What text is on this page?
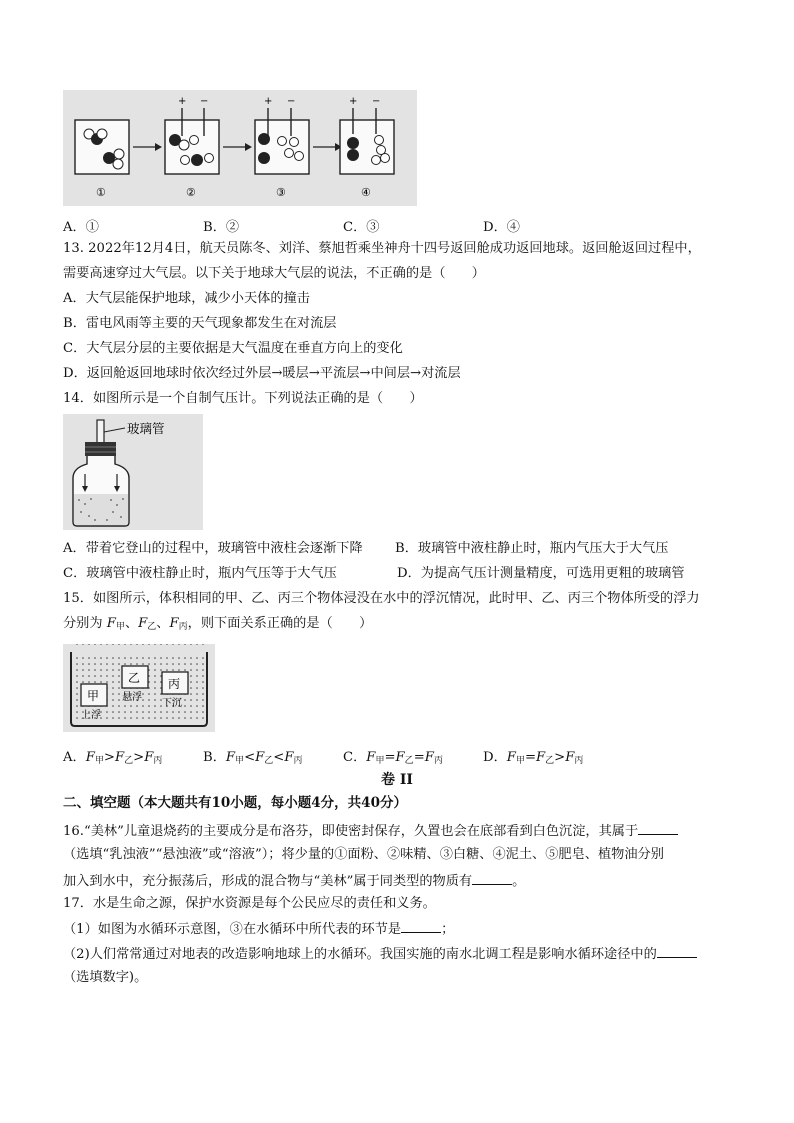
+ −	+ −	+ −
①	②	③	④
A．①	B．②	C．③	D．④
13. 2022年12月4日，航天员陈冬、刘洋、蔡旭哲乘坐神舟十四号返回舱成功返回地球。返回舱返回过程中，
需要高速穿过大气层。以下关于地球大气层的说法，不正确的是（　　）
A．大气层能保护地球，减少小天体的撞击
B．雷电风雨等主要的天气现象都发生在对流层
C．大气层分层的主要依据是大气温度在垂直方向上的变化
D．返回舱返回地球时依次经过外层→暖层→平流层→中间层→对流层
14．如图所示是一个自制气压计。下列说法正确的是（　　）
玻璃管
A．带着它登山的过程中，玻璃管中液柱会逐渐下降 B．玻璃管中液柱静止时，瓶内气压大于大气压
C．玻璃管中液柱静止时，瓶内气压等于大气压	D．为提高气压计测量精度，可选用更粗的玻璃管
15．如图所示，体积相同的甲、乙、丙三个物体浸没在水中的浮沉情况，此时甲、乙、丙三个物体所受的浮力
分别为 $F_甲$、$F_乙$、$F_丙$，则下面关系正确的是（　　）
甲
上浮
乙
悬浮
丙
下沉
A．$F_甲>F_乙>F_丙$	B．$F_甲<F_乙<F_丙$	C．$F_甲=F_乙=F_丙$	D．$F_甲=F_乙>F_丙$
卷 II
二、填空题（本大题共有10小题，每小题4分，共40分）
16.“美林”儿童退烧药的主要成分是布洛芬，即使密封保存，久置也会在底部看到白色沉淀，其属于
（选填“乳浊液”“悬浊液”或“溶液”）；将少量的①面粉、②味精、③白糖、④泥土、⑤肥皂、植物油分别
加入到水中，充分振荡后，形成的混合物与“美林”属于同类型的物质有	。
17．水是生命之源，保护水资源是每个公民应尽的责任和义务。
（1）如图为水循环示意图，③在水循环中所代表的环节是	；
（2)人们常常通过对地表的改造影响地球上的水循环。我国实施的南水北调工程是影响水循环途径中的
（选填数字)。
